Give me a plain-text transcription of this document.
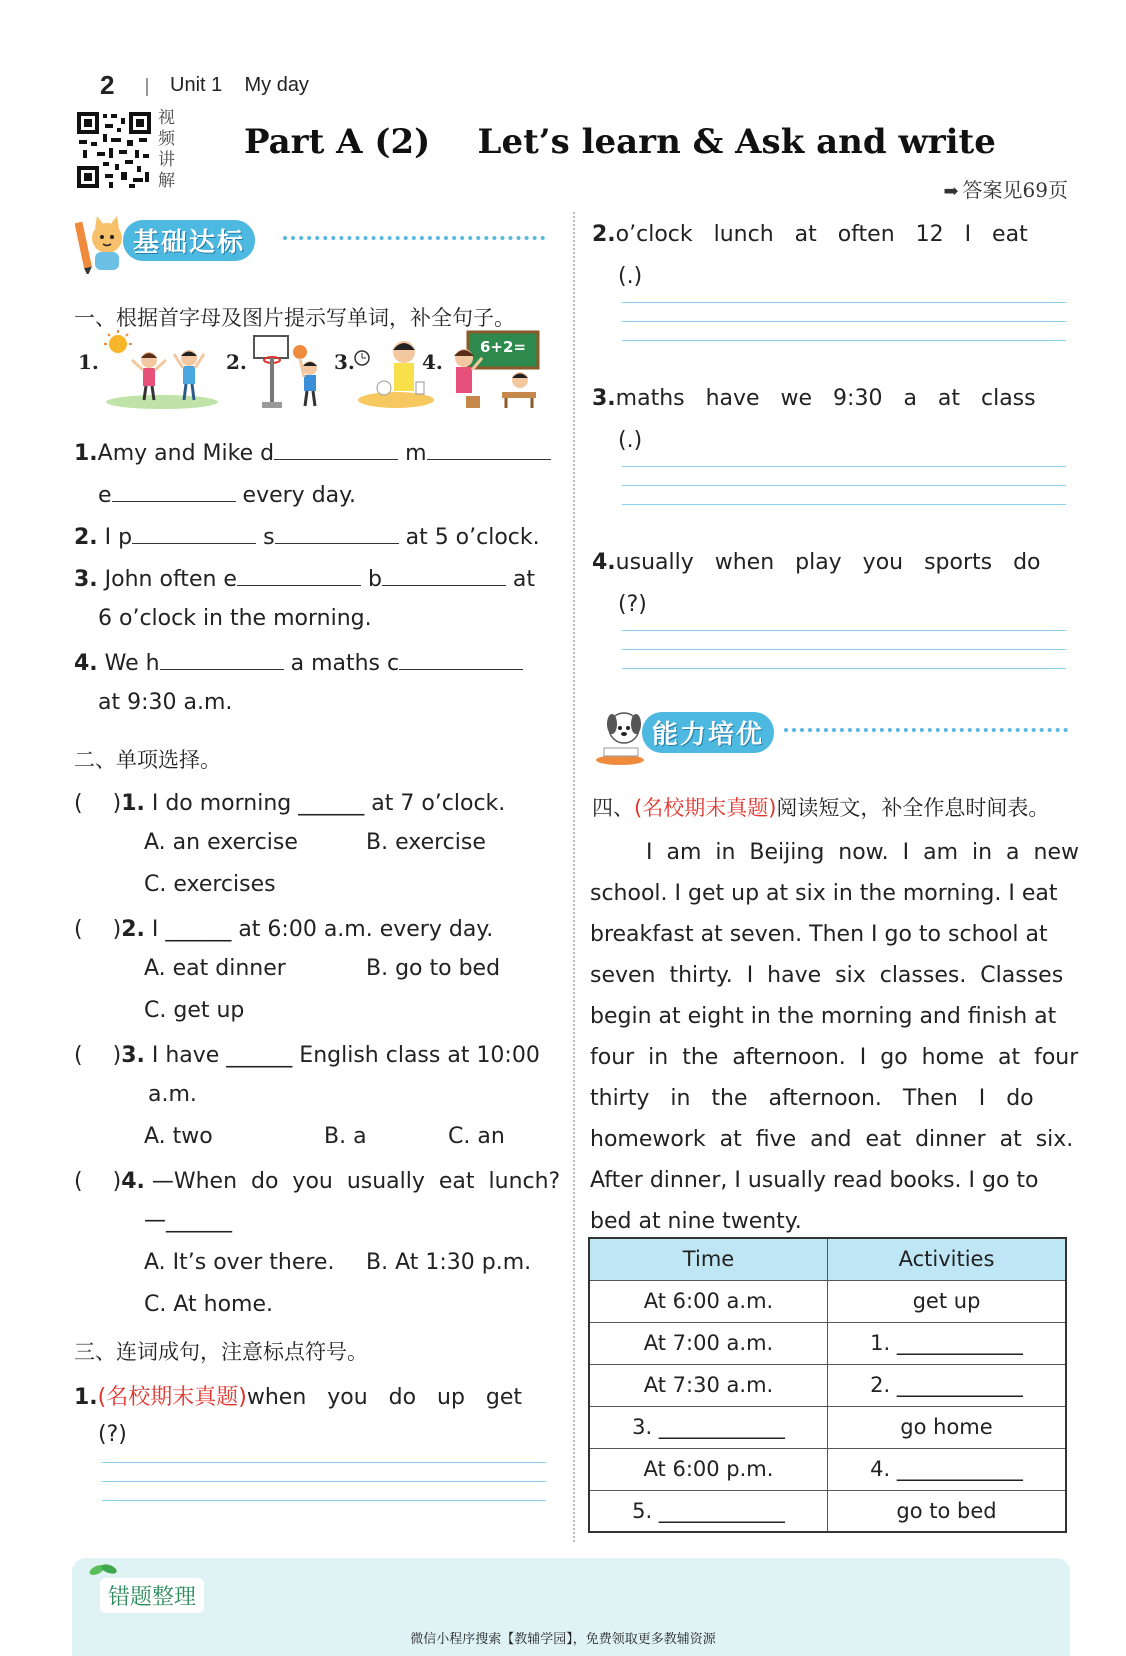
2	Unit 1    My day
视频讲解
Part A (2)    Let’s learn & Ask and write
➡ 答案见69页
基础达标
一、根据首字母及图片提示写单词，补全句子。
1.	2.	3.	4.
6+2=
1.Amy and Mike d	m
e	every day.
2. I p	s	at 5 o’clock.
3. John often e	b	at
6 o’clock in the morning.
4. We h	a maths c
at 9:30 a.m.
二、单项选择。
( )1. I do morning ______ at 7 o’clock.
A. an exercise	B. exercise
C. exercises
( )2. I ______ at 6:00 a.m. every day.
A. eat dinner	B. go to bed
C. get up
( )3. I have ______ English class at 10:00
a.m.
A. two	B. a	C. an
( )4. —When  do  you  usually  eat  lunch?
—______
A. It’s over there. B. At 1:30 p.m.
C. At home.
三、连词成句，注意标点符号。
1.(名校期末真题)when   you   do   up   get
(?)
2.o’clock   lunch   at   often   12   I   eat
(.)
3.maths   have   we   9:30   a   at   class
(.)
4.usually   when   play   you   sports   do
(?)
能力培优
四、(名校期末真题)阅读短文，补全作息时间表。
I  am  in  Beijing  now.  I  am  in  a  new
school. I get up at six in the morning. I eat
breakfast at seven. Then I go to school at
seven  thirty.  I  have  six  classes.  Classes
begin at eight in the morning and finish at
four  in  the  afternoon.  I  go  home  at  four
thirty   in   the   afternoon.   Then   I   do
homework  at  five  and  eat  dinner  at  six.
After dinner, I usually read books. I go to
bed at nine twenty.
Time	Activities
At 6:00 a.m.	get up
At 7:00 a.m.	1. ____________
At 7:30 a.m.	2. ____________
3. ____________	go home
At 6:00 p.m.	4. ____________
5. ____________	go to bed
错题整理
微信小程序搜索【教辅学园】，免费领取更多教辅资源
